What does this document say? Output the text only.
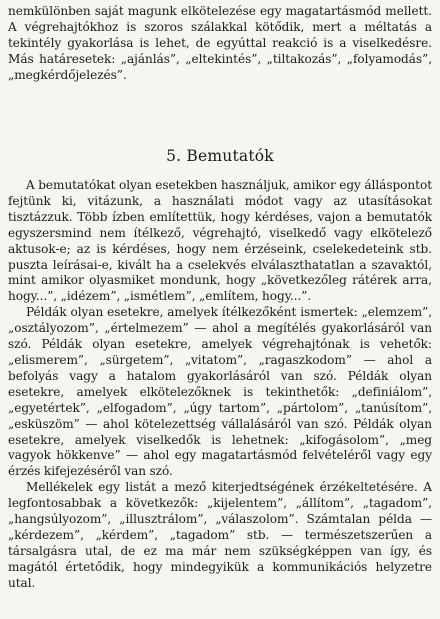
nemkülönben saját magunk elkötelezése egy magatartásmód mellett. A végrehajtókhoz is szoros szálakkal kötődik, mert a méltatás a tekintély gyakorlása is lehet, de egyúttal reakció is a viselkedésre. Más határesetek: „ajánlás”, „eltekintés”, „tiltakozás”, „folyamodás”, „megkérdőjelezés”.

5. Bemutatók

A bemutatókat olyan esetekben használjuk, amikor egy álláspontot fejtünk ki, vitázunk, a használati módot vagy az utasításokat tisztázzuk. Több ízben említettük, hogy kérdéses, vajon a bemutatók egyszersmind nem ítélkező, végrehajtó, viselkedő vagy elkötelező aktusok-e; az is kérdéses, hogy nem érzéseink, cselekedeteink stb. puszta leírásai-e, kivált ha a cselekvés elválaszthatatlan a szavaktól, mint amikor olyasmiket mondunk, hogy „következőleg rátérek arra, hogy...”, „idézem”, „ismétlem”, „említem, hogy...”.

Példák olyan esetekre, amelyek ítélkezőként ismertek: „elemzem”, „osztályozom”, „értelmezem” — ahol a megítélés gyakorlásáról van szó. Példák olyan esetekre, amelyek végrehajtónak is vehetők: „elismerem”, „sürgetem”, „vitatom”, „ragaszkodom” — ahol a befolyás vagy a hatalom gyakorlásáról van szó. Példák olyan esetekre, amelyek elkötelezőknek is tekinthetők: „definiálom”, „egyetértek”, „elfogadom”, „úgy tartom”, „pártolom”, „tanúsítom”, „esküszöm” — ahol kötelezettség vállalásáról van szó. Példák olyan esetekre, amelyek viselkedők is lehetnek: „kifogásolom”, „meg vagyok hökkenve” — ahol egy magatartásmód felvételéről vagy egy érzés kifejezéséről van szó.

Mellékelek egy listát a mező kiterjedtségének érzékeltetésére. A legfontosabbak a következők: „kijelentem”, „állítom”, „tagadom”, „hangsúlyozom”, „illusztrálom”, „válaszolom”. Számtalan példa — „kérdezem”, „kérdem”, „tagadom” stb. — természetszerűen a társalgásra utal, de ez ma már nem szükségképpen van így, és magától értetődik, hogy mindegyikük a kommunikációs helyzetre utal.
